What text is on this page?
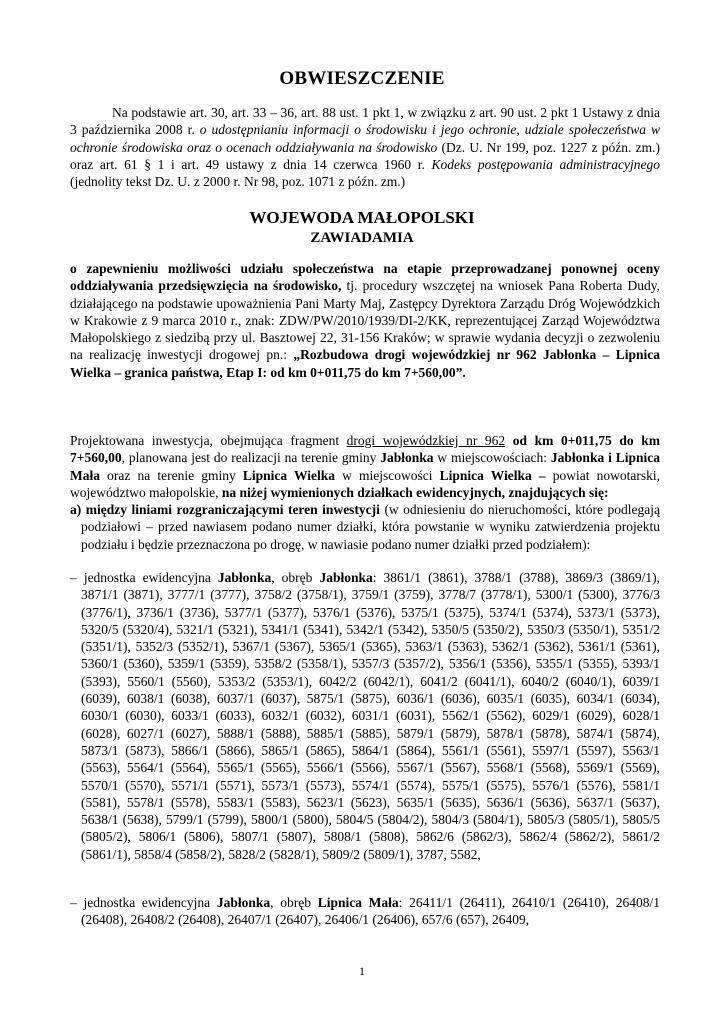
OBWIESZCZENIE
Na podstawie art. 30, art. 33 – 36, art. 88 ust. 1 pkt 1, w związku z art. 90 ust. 2 pkt 1 Ustawy z dnia 3 października 2008 r. o udostępnianiu informacji o środowisku i jego ochronie, udziale społeczeństwa w ochronie środowiska oraz o ocenach oddziaływania na środowisko (Dz. U. Nr 199, poz. 1227 z późn. zm.) oraz art. 61 § 1 i art. 49 ustawy z dnia 14 czerwca 1960 r. Kodeks postępowania administracyjnego (jednolity tekst Dz. U. z 2000 r. Nr 98, poz. 1071 z późn. zm.)
WOJEWODA MAŁOPOLSKI
ZAWIADAMIA
o zapewnieniu możliwości udziału społeczeństwa na etapie przeprowadzanej ponownej oceny oddziaływania przedsięwzięcia na środowisko, tj. procedury wszczętej na wniosek Pana Roberta Dudy, działającego na podstawie upoważnienia Pani Marty Maj, Zastępcy Dyrektora Zarządu Dróg Wojewódzkich w Krakowie z 9 marca 2010 r., znak: ZDW/PW/2010/1939/DI-2/KK, reprezentującej Zarząd Województwa Małopolskiego z siedzibą przy ul. Basztowej 22, 31-156 Kraków; w sprawie wydania decyzji o zezwoleniu na realizację inwestycji drogowej pn.: „Rozbudowa drogi wojewódzkiej nr 962 Jabłonka – Lipnica Wielka – granica państwa, Etap I: od km 0+011,75 do km 7+560,00”.
Projektowana inwestycja, obejmująca fragment drogi wojewódzkiej nr 962 od km 0+011,75 do km 7+560,00, planowana jest do realizacji na terenie gminy Jabłonka w miejscowościach: Jabłonka i Lipnica Mała oraz na terenie gminy Lipnica Wielka w miejscowości Lipnica Wielka – powiat nowotarski, województwo małopolskie, na niżej wymienionych działkach ewidencyjnych, znajdujących się:
a) między liniami rozgraniczającymi teren inwestycji (w odniesieniu do nieruchomości, które podlegają podziałowi – przed nawiasem podano numer działki, która powstanie w wyniku zatwierdzenia projektu podziału i będzie przeznaczona po drogę, w nawiasie podano numer działki przed podziałem):
– jednostka ewidencyjna Jabłonka, obręb Jabłonka: 3861/1 (3861), 3788/1 (3788), 3869/3 (3869/1), 3871/1 (3871), 3777/1 (3777), 3758/2 (3758/1), 3759/1 (3759), 3778/7 (3778/1), 5300/1 (5300), 3776/3 (3776/1), 3736/1 (3736), 5377/1 (5377), 5376/1 (5376), 5375/1 (5375), 5374/1 (5374), 5373/1 (5373), 5320/5 (5320/4), 5321/1 (5321), 5341/1 (5341), 5342/1 (5342), 5350/5 (5350/2), 5350/3 (5350/1), 5351/2 (5351/1), 5352/3 (5352/1), 5367/1 (5367), 5365/1 (5365), 5363/1 (5363), 5362/1 (5362), 5361/1 (5361), 5360/1 (5360), 5359/1 (5359), 5358/2 (5358/1), 5357/3 (5357/2), 5356/1 (5356), 5355/1 (5355), 5393/1 (5393), 5560/1 (5560), 5353/2 (5353/1), 6042/2 (6042/1), 6041/2 (6041/1), 6040/2 (6040/1), 6039/1 (6039), 6038/1 (6038), 6037/1 (6037), 5875/1 (5875), 6036/1 (6036), 6035/1 (6035), 6034/1 (6034), 6030/1 (6030), 6033/1 (6033), 6032/1 (6032), 6031/1 (6031), 5562/1 (5562), 6029/1 (6029), 6028/1 (6028), 6027/1 (6027), 5888/1 (5888), 5885/1 (5885), 5879/1 (5879), 5878/1 (5878), 5874/1 (5874), 5873/1 (5873), 5866/1 (5866), 5865/1 (5865), 5864/1 (5864), 5561/1 (5561), 5597/1 (5597), 5563/1 (5563), 5564/1 (5564), 5565/1 (5565), 5566/1 (5566), 5567/1 (5567), 5568/1 (5568), 5569/1 (5569), 5570/1 (5570), 5571/1 (5571), 5573/1 (5573), 5574/1 (5574), 5575/1 (5575), 5576/1 (5576), 5581/1 (5581), 5578/1 (5578), 5583/1 (5583), 5623/1 (5623), 5635/1 (5635), 5636/1 (5636), 5637/1 (5637), 5638/1 (5638), 5799/1 (5799), 5800/1 (5800), 5804/5 (5804/2), 5804/3 (5804/1), 5805/3 (5805/1), 5805/5 (5805/2), 5806/1 (5806), 5807/1 (5807), 5808/1 (5808), 5862/6 (5862/3), 5862/4 (5862/2), 5861/2 (5861/1), 5858/4 (5858/2), 5828/2 (5828/1), 5809/2 (5809/1), 3787, 5582,
– jednostka ewidencyjna Jabłonka, obręb Lipnica Mała: 26411/1 (26411), 26410/1 (26410), 26408/1 (26408), 26408/2 (26408), 26407/1 (26407), 26406/1 (26406), 657/6 (657), 26409,
1
